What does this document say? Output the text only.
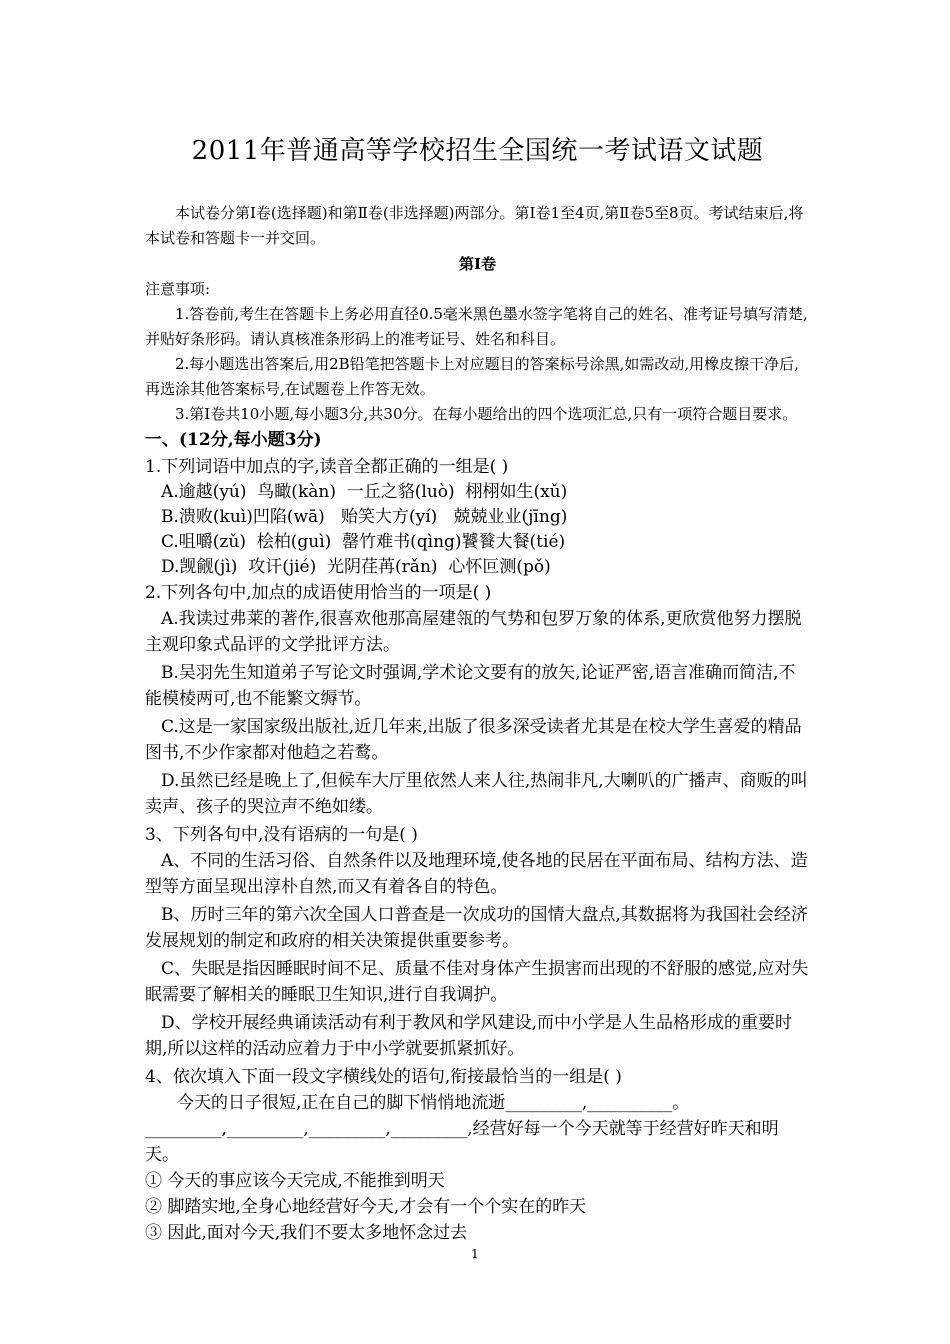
2011年普通高等学校招生全国统一考试语文试题

本试卷分第Ⅰ卷(选择题)和第Ⅱ卷(非选择题)两部分。第Ⅰ卷1至4页,第Ⅱ卷5至8页。考试结束后,将本试卷和答题卡一并交回。

第Ⅰ卷

注意事项:

1.答卷前,考生在答题卡上务必用直径0.5毫米黑色墨水签字笔将自己的姓名、准考证号填写清楚,并贴好条形码。请认真核准条形码上的准考证号、姓名和科目。

2.每小题选出答案后,用2B铅笔把答题卡上对应题目的答案标号涂黑,如需改动,用橡皮擦干净后,再选涂其他答案标号,在试题卷上作答无效。

3.第Ⅰ卷共10小题,每小题3分,共30分。在每小题给出的四个选项汇总,只有一项符合题目要求。

一、(12分,每小题3分)

1.下列词语中加点的字,读音全都正确的一组是( )

A.逾越(yú)  鸟瞰(kàn)  一丘之貉(luò)  栩栩如生(xǔ)

B.溃败(kuì)凹陷(wā)   贻笑大方(yí)   兢兢业业(jīng)

C.咀嚼(zǔ)  桧柏(guì)  罄竹难书(qìng)饕餮大餐(tié)

D.觊觎(jì)  攻讦(jié)  光阴荏苒(rǎn)  心怀叵测(pǒ)

2.下列各句中,加点的成语使用恰当的一项是( )

A.我读过弗莱的著作,很喜欢他那高屋建瓴的气势和包罗万象的体系,更欣赏他努力摆脱主观印象式品评的文学批评方法。

B.吴羽先生知道弟子写论文时强调,学术论文要有的放矢,论证严密,语言准确而简洁,不能模棱两可,也不能繁文缛节。

C.这是一家国家级出版社,近几年来,出版了很多深受读者尤其是在校大学生喜爱的精品图书,不少作家都对他趋之若鹜。

D.虽然已经是晚上了,但候车大厅里依然人来人往,热闹非凡,大喇叭的广播声、商贩的叫卖声、孩子的哭泣声不绝如缕。

3、下列各句中,没有语病的一句是( )

A、不同的生活习俗、自然条件以及地理环境,使各地的民居在平面布局、结构方法、造型等方面呈现出淳朴自然,而又有着各自的特色。

B、历时三年的第六次全国人口普查是一次成功的国情大盘点,其数据将为我国社会经济发展规划的制定和政府的相关决策提供重要参考。

C、失眠是指因睡眠时间不足、质量不佳对身体产生损害而出现的不舒服的感觉,应对失眠需要了解相关的睡眠卫生知识,进行自我调护。

D、学校开展经典诵读活动有利于教风和学风建设,而中小学是人生品格形成的重要时期,所以这样的活动应着力于中小学就要抓紧抓好。

4、依次填入下面一段文字横线处的语句,衔接最恰当的一组是( )

今天的日子很短,正在自己的脚下悄悄地流逝_________,__________。_________,_________,_________,_________,经营好每一个今天就等于经营好昨天和明天。

① 今天的事应该今天完成,不能推到明天

② 脚踏实地,全身心地经营好今天,才会有一个个实在的昨天

③ 因此,面对今天,我们不要太多地怀念过去

1
